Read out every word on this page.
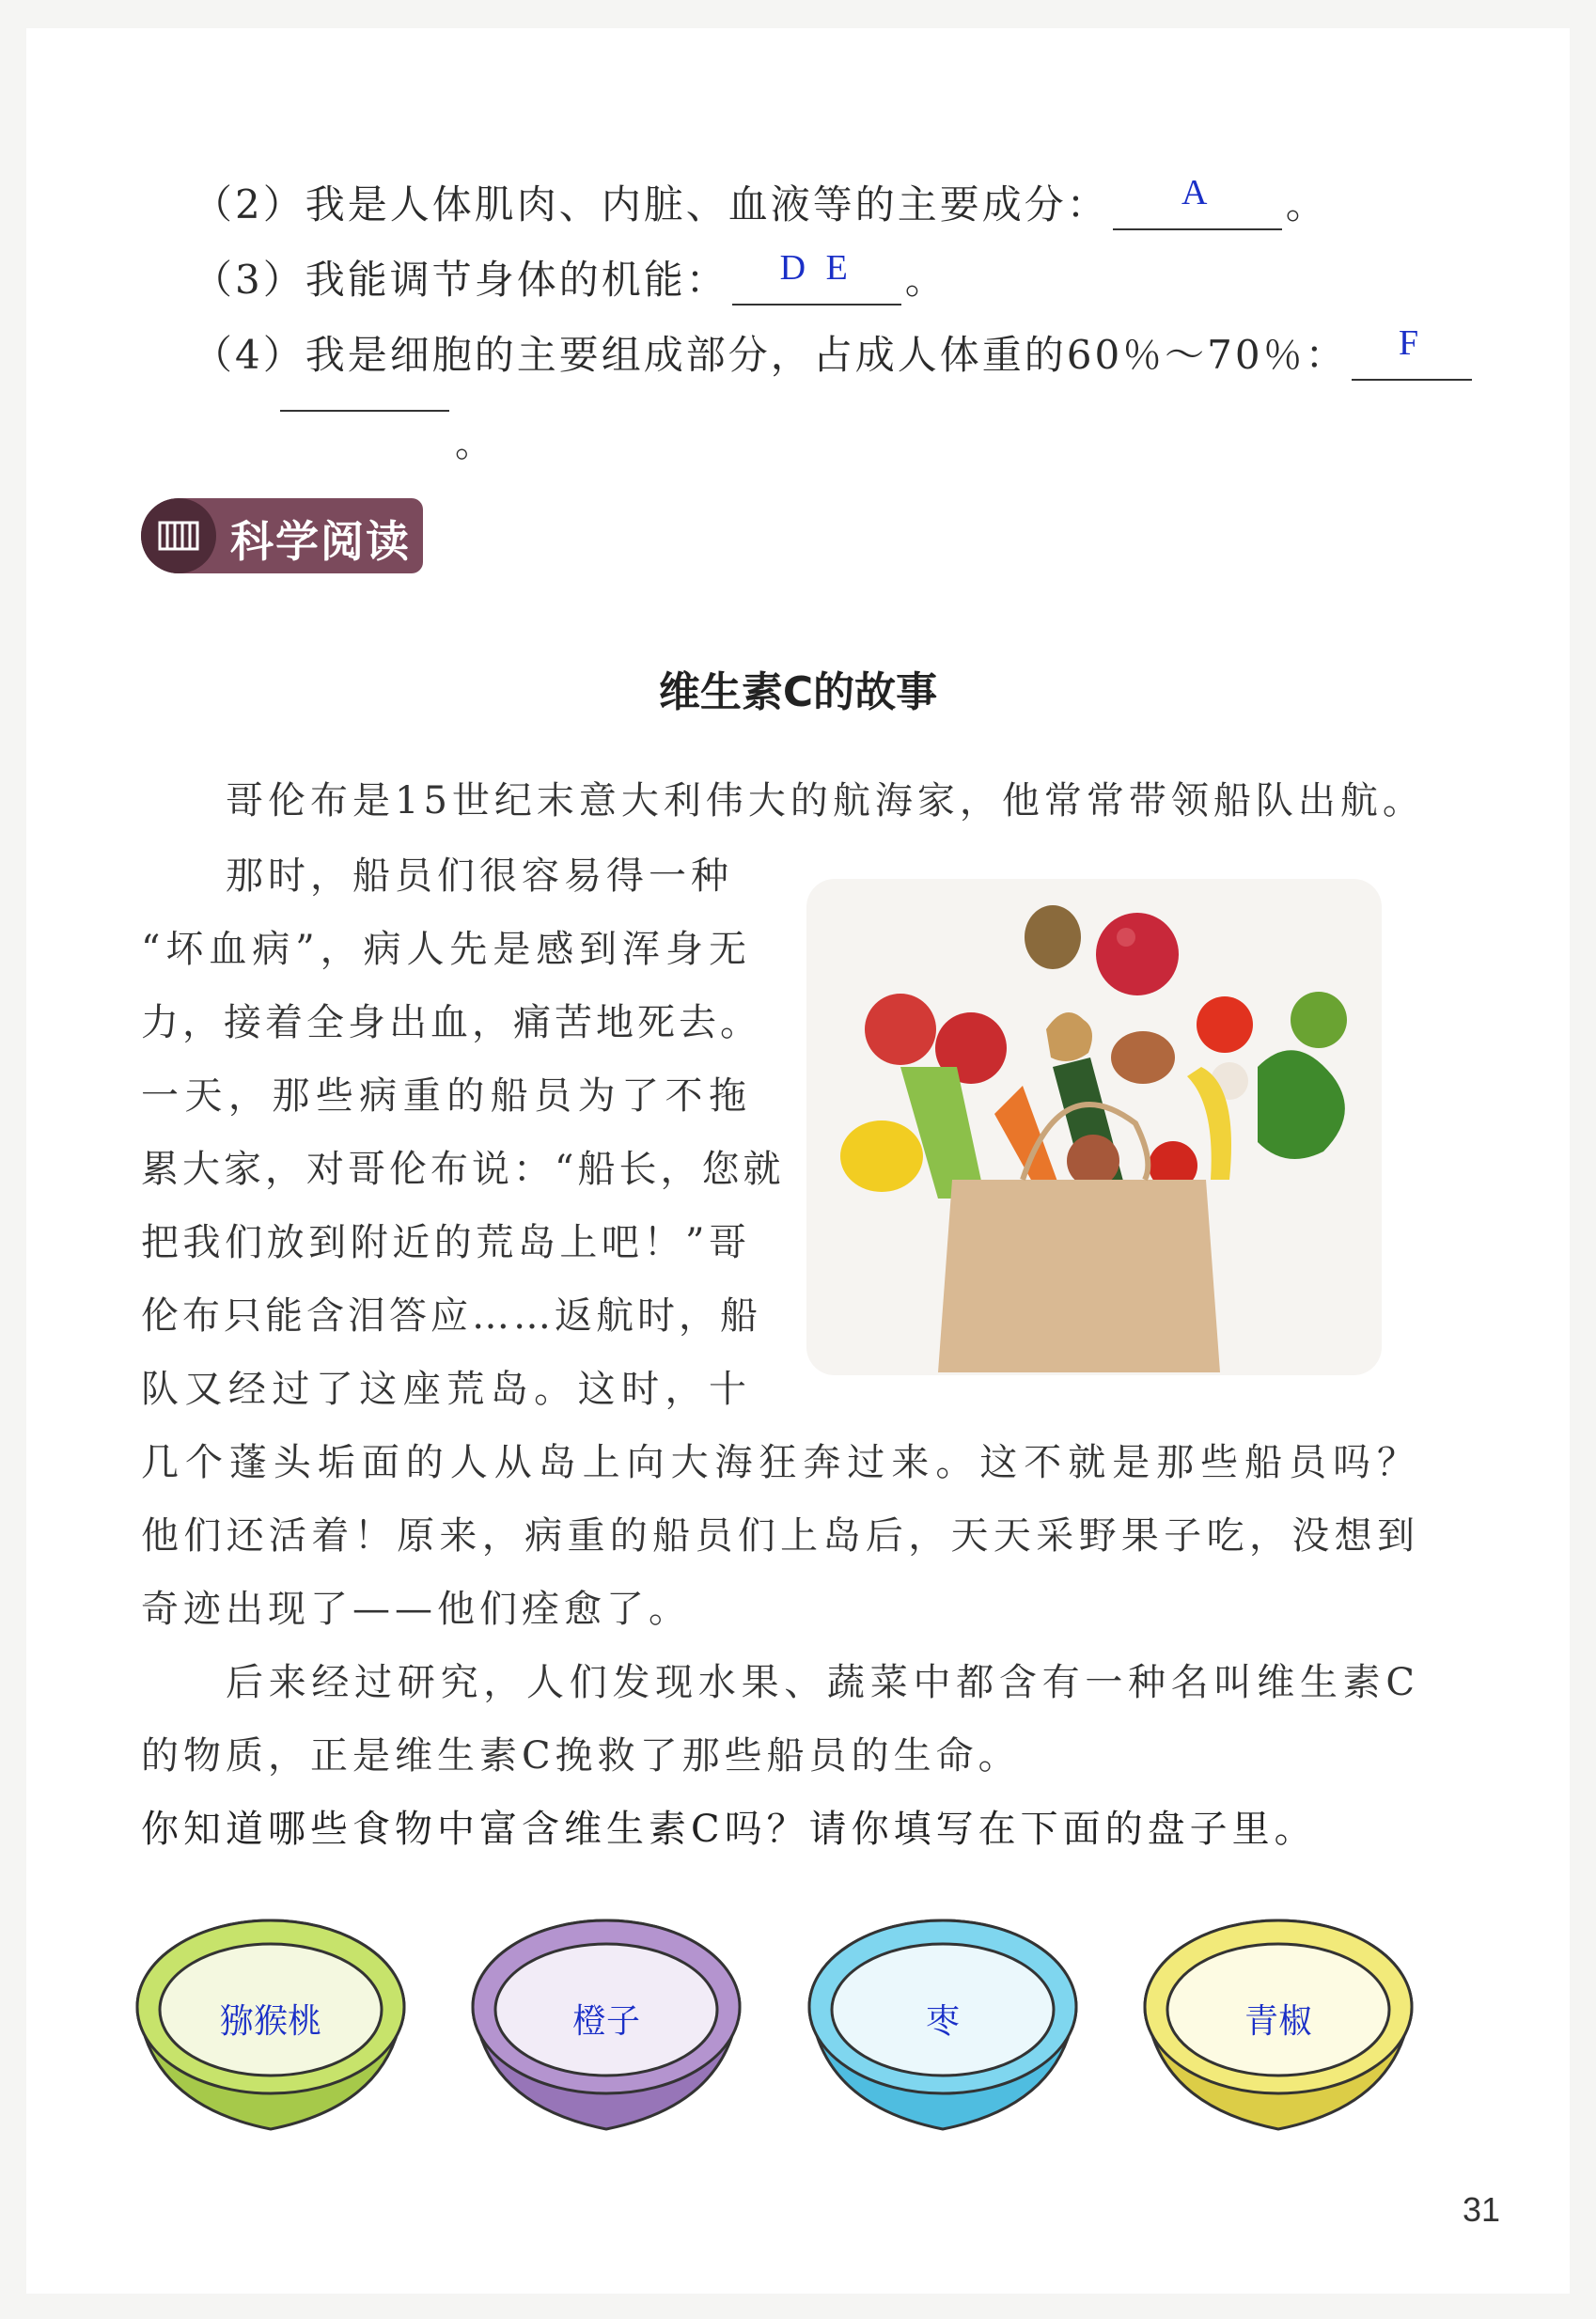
（2）我是人体肌肉、内脏、血液等的主要成分：	A	。
（3）我能调节身体的机能：	D E	。
（4）我是细胞的主要组成部分，占成人体重的60％～70％：	F
。
科学阅读
维生素C的故事
哥伦布是15世纪末意大利伟大的航海家，他常常带领船队出航。
那时，船员们很容易得一种
“坏血病”，病人先是感到浑身无
力，接着全身出血，痛苦地死去。
一天，那些病重的船员为了不拖
累大家，对哥伦布说：“船长，您就
把我们放到附近的荒岛上吧！”哥
伦布只能含泪答应……返航时，船
队又经过了这座荒岛。这时，十
几个蓬头垢面的人从岛上向大海狂奔过来。这不就是那些船员吗？
他们还活着！原来，病重的船员们上岛后，天天采野果子吃，没想到
奇迹出现了——他们痊愈了。
后来经过研究，人们发现水果、蔬菜中都含有一种名叫维生素C
的物质，正是维生素C挽救了那些船员的生命。
你知道哪些食物中富含维生素C吗？请你填写在下面的盘子里。
猕猴桃	橙子	枣	青椒
31
